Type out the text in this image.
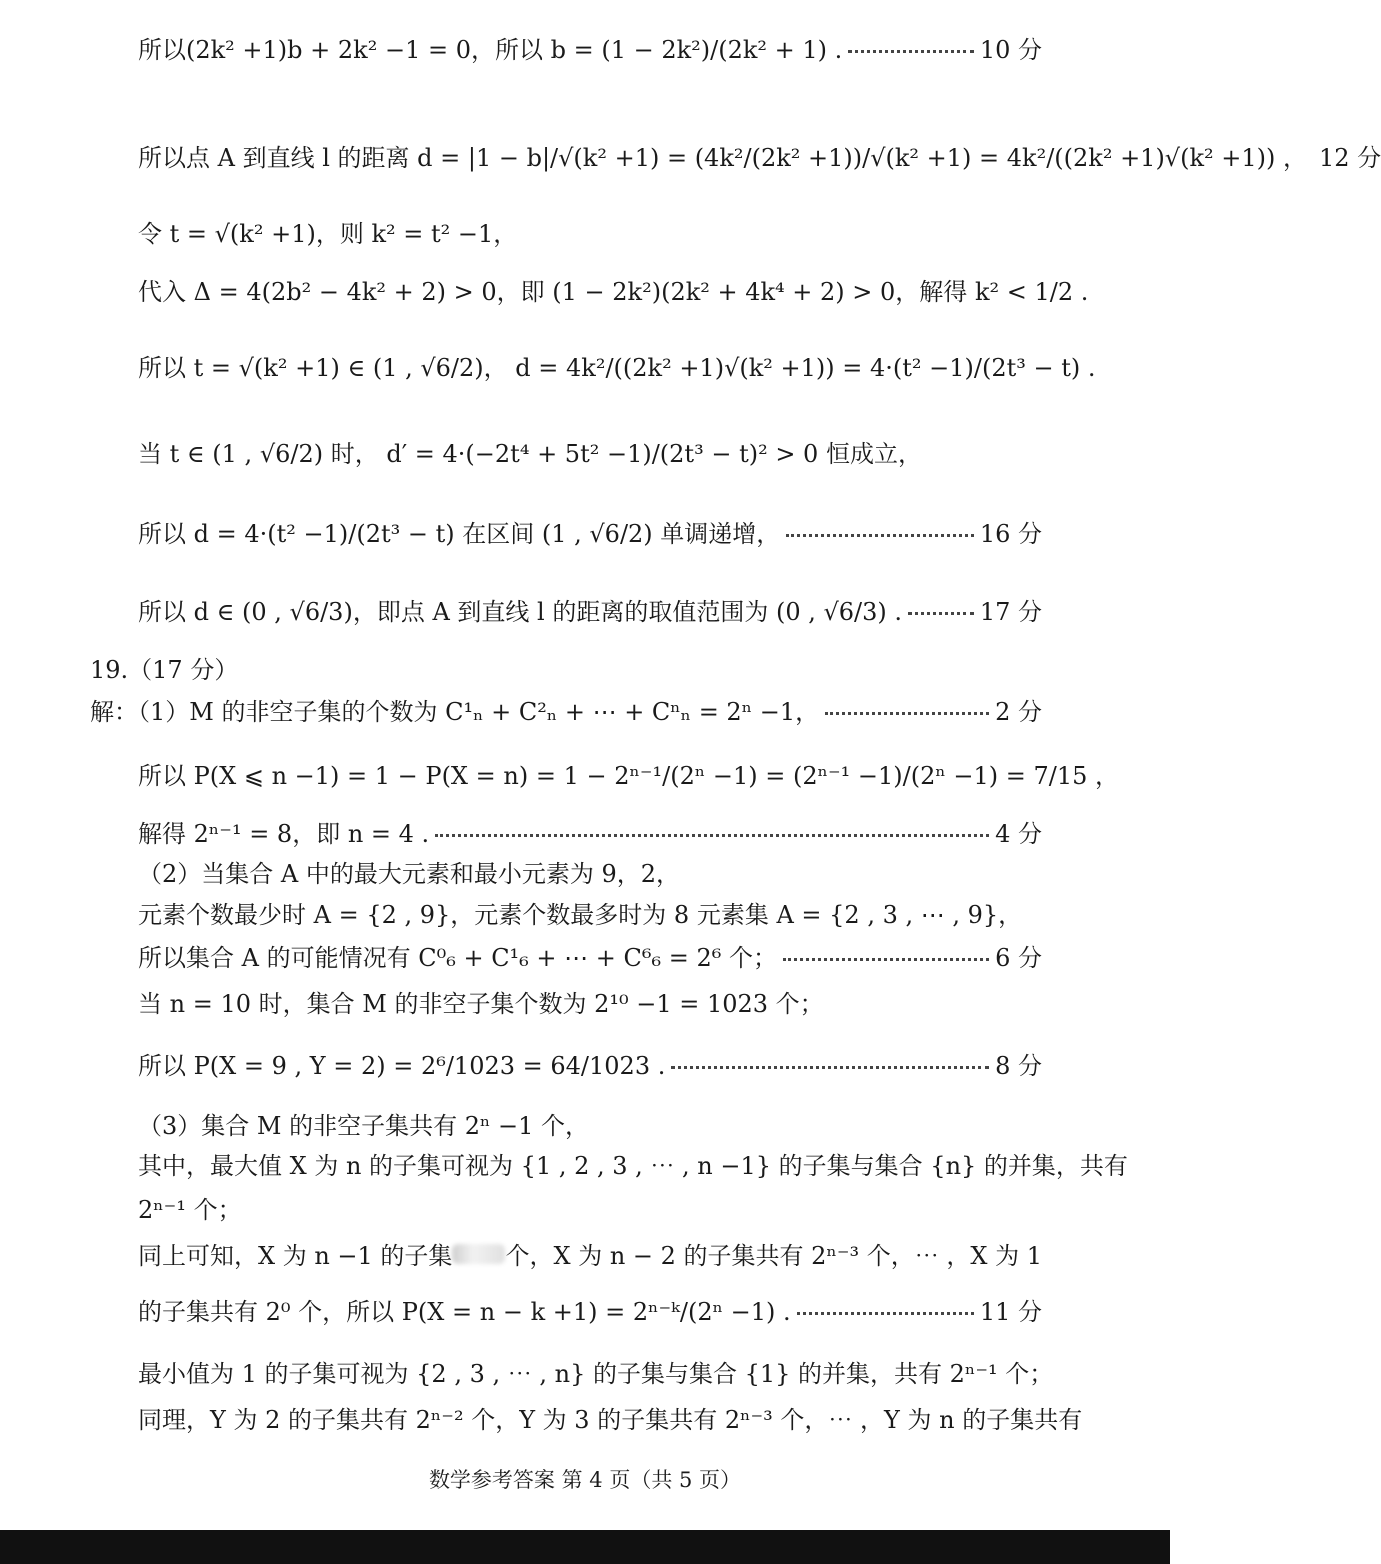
所以(2k² +1)b + 2k² −1 = 0，所以 b = (1 − 2k²)/(2k² + 1) .	10 分
所以点 A 到直线 l 的距离 d = |1 − b|/√(k² +1) = (4k²/(2k² +1))/√(k² +1) = 4k²/((2k² +1)√(k² +1)) ， 12 分
令 t = √(k² +1)，则 k² = t² −1，
代入 Δ = 4(2b² − 4k² + 2) > 0，即 (1 − 2k²)(2k² + 4k⁴ + 2) > 0，解得 k² < 1/2 .
所以 t = √(k² +1) ∈ (1 , √6/2)， d = 4k²/((2k² +1)√(k² +1)) = 4·(t² −1)/(2t³ − t) .
当 t ∈ (1 , √6/2) 时， d′ = 4·(−2t⁴ + 5t² −1)/(2t³ − t)² > 0 恒成立，
所以 d = 4·(t² −1)/(2t³ − t) 在区间 (1 , √6/2) 单调递增，	16 分
所以 d ∈ (0 , √6/3)，即点 A 到直线 l 的距离的取值范围为 (0 , √6/3) .	17 分
19.（17 分）
解：（1）M 的非空子集的个数为 C¹ₙ + C²ₙ + ⋯ + Cⁿₙ = 2ⁿ −1，	2 分
所以 P(X ⩽ n −1) = 1 − P(X = n) = 1 − 2ⁿ⁻¹/(2ⁿ −1) = (2ⁿ⁻¹ −1)/(2ⁿ −1) = 7/15 ，
解得 2ⁿ⁻¹ = 8，即 n = 4 .	4 分
（2）当集合 A 中的最大元素和最小元素为 9，2，
元素个数最少时 A = {2 , 9}，元素个数最多时为 8 元素集 A = {2 , 3 , ⋯ , 9}，
所以集合 A 的可能情况有 C⁰₆ + C¹₆ + ⋯ + C⁶₆ = 2⁶ 个；	6 分
当 n = 10 时，集合 M 的非空子集个数为 2¹⁰ −1 = 1023 个；
所以 P(X = 9 , Y = 2) = 2⁶/1023 = 64/1023 .	8 分
（3）集合 M 的非空子集共有 2ⁿ −1 个，
其中，最大值 X 为 n 的子集可视为 {1 , 2 , 3 , ⋯ , n −1} 的子集与集合 {n} 的并集，共有
2ⁿ⁻¹ 个；
同上可知，X 为 n −1 的子集 个，X 为 n − 2 的子集共有 2ⁿ⁻³ 个，⋯ ，X 为 1
的子集共有 2⁰ 个，所以 P(X = n − k +1) = 2ⁿ⁻ᵏ/(2ⁿ −1) .	11 分
最小值为 1 的子集可视为 {2 , 3 , ⋯ , n} 的子集与集合 {1} 的并集，共有 2ⁿ⁻¹ 个；
同理，Y 为 2 的子集共有 2ⁿ⁻² 个，Y 为 3 的子集共有 2ⁿ⁻³ 个，⋯ ，Y 为 n 的子集共有
数学参考答案 第 4 页（共 5 页）
